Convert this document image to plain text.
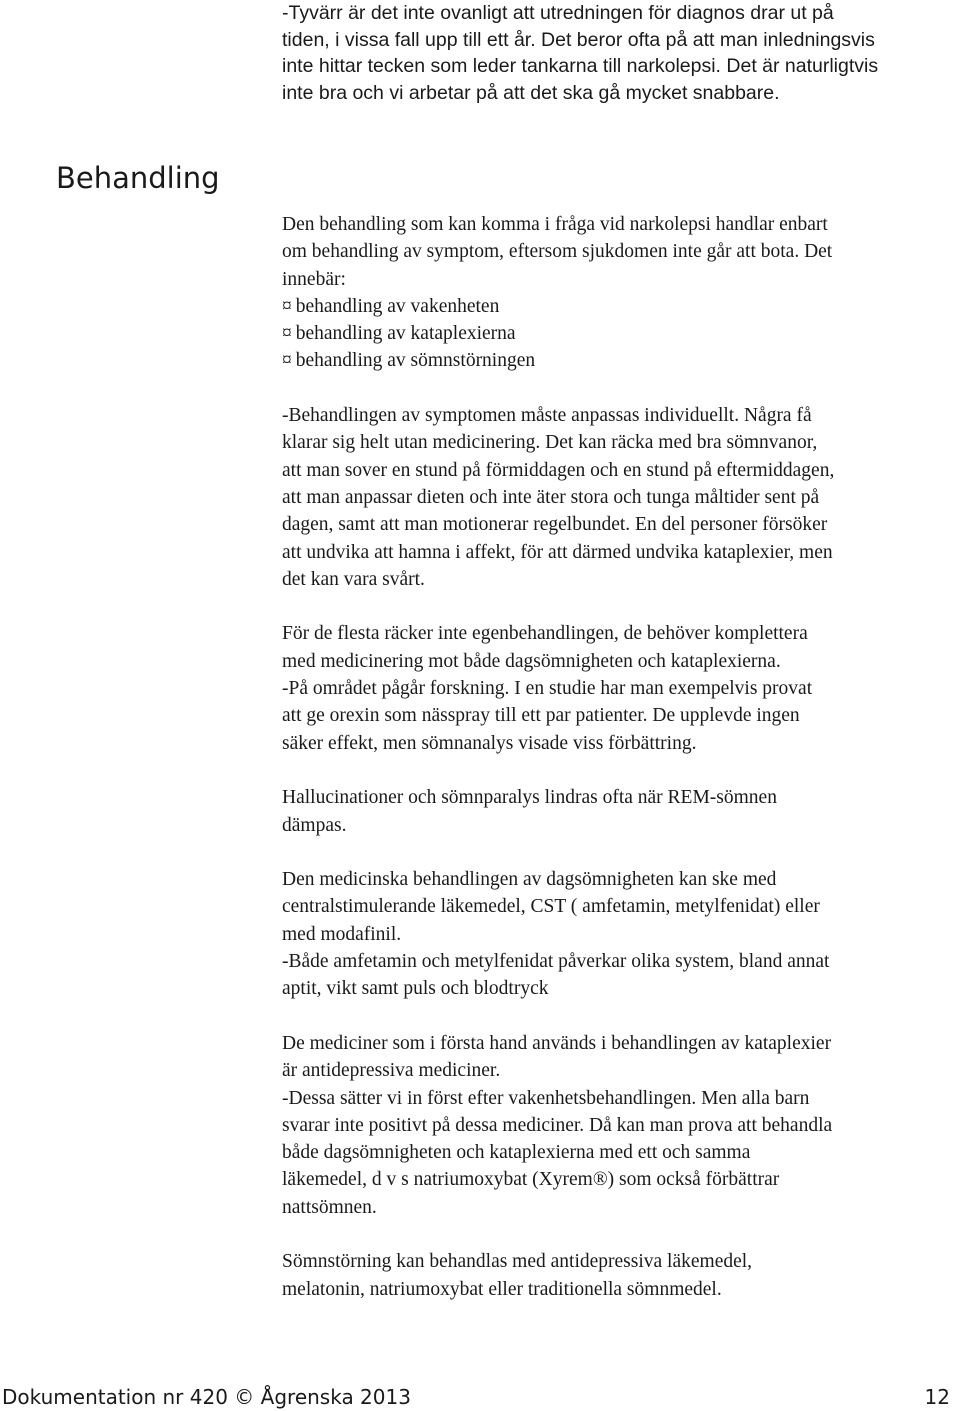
-Tyvärr är det inte ovanligt att utredningen för diagnos drar ut på
tiden, i vissa fall upp till ett år. Det beror ofta på att man inledningsvis
inte hittar tecken som leder tankarna till narkolepsi. Det är naturligtvis
inte bra och vi arbetar på att det ska gå mycket snabbare.
Behandling
Den behandling som kan komma i fråga vid narkolepsi handlar enbart
om behandling av symptom, eftersom sjukdomen inte går att bota. Det
innebär:
¤ behandling av vakenheten
¤ behandling av kataplexierna
¤ behandling av sömnstörningen
-Behandlingen av symptomen måste anpassas individuellt. Några få
klarar sig helt utan medicinering. Det kan räcka med bra sömnvanor,
att man sover en stund på förmiddagen och en stund på eftermiddagen,
att man anpassar dieten och inte äter stora och tunga måltider sent på
dagen, samt att man motionerar regelbundet. En del personer försöker
att undvika att hamna i affekt, för att därmed undvika kataplexier, men
det kan vara svårt.
För de flesta räcker inte egenbehandlingen, de behöver komplettera
med medicinering mot både dagsömnigheten och kataplexierna.
-På området pågår forskning. I en studie har man exempelvis provat
att ge orexin som nässpray till ett par patienter. De upplevde ingen
säker effekt, men sömnanalys visade viss förbättring.
Hallucinationer och sömnparalys lindras ofta när REM-sömnen
dämpas.
Den medicinska behandlingen av dagsömnigheten kan ske med
centralstimulerande läkemedel, CST ( amfetamin, metylfenidat) eller
med modafinil.
-Både amfetamin och metylfenidat påverkar olika system, bland annat
aptit, vikt samt puls och blodtryck
De mediciner som i första hand används i behandlingen av kataplexier
är antidepressiva mediciner.
-Dessa sätter vi in först efter vakenhetsbehandlingen. Men alla barn
svarar inte positivt på dessa mediciner. Då kan man prova att behandla
både dagsömnigheten och kataplexierna med ett och samma
läkemedel, d v s natriumoxybat (Xyrem®) som också förbättrar
nattsömnen.
Sömnstörning kan behandlas med antidepressiva läkemedel,
melatonin, natriumoxybat eller traditionella sömnmedel.
Dokumentation nr 420 © Ågrenska 2013	12
